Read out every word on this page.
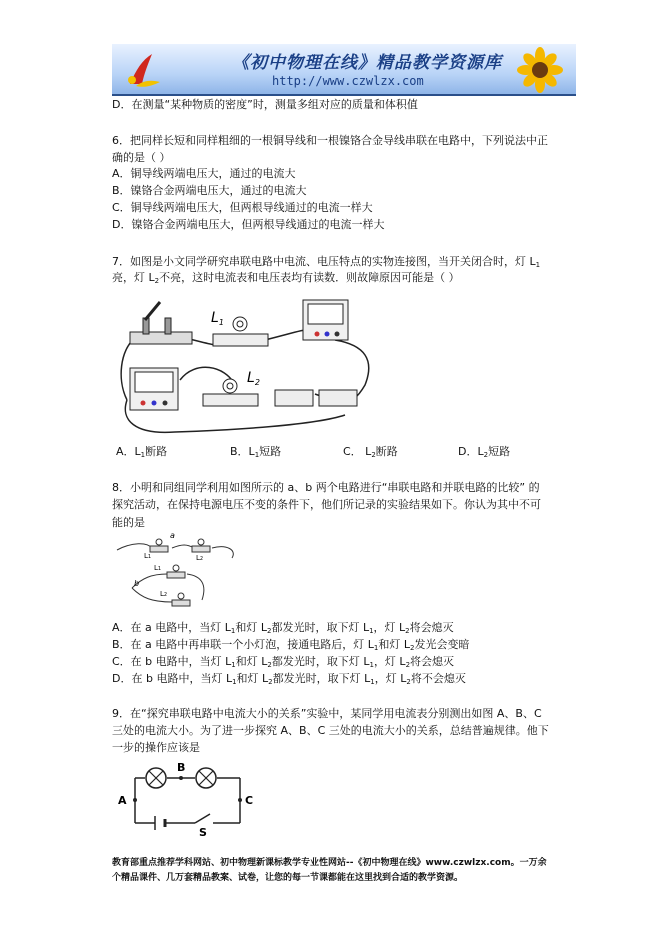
《初中物理在线》精品教学资源库
http://www.czwlzx.com
D．在测量“某种物质的密度”时，测量多组对应的质量和体积值
6．把同样长短和同样粗细的一根铜导线和一根镍铬合金导线串联在电路中，下列说法中正
确的是（ ）
A．铜导线两端电压大，通过的电流大
B．镍铬合金两端电压大，通过的电流大
C．铜导线两端电压大，但两根导线通过的电流一样大
D．镍铬合金两端电压大，但两根导线通过的电流一样大
7．如图是小文同学研究串联电路中电流、电压特点的实物连接图，当开关闭合时，灯 $L_1$
亮，灯 $L_2$不亮，这时电流表和电压表均有读数．则故障原因可能是（ ）
$L_1$
$L_2$
A．$L_1$断路	B．$L_1$短路	C． $L_2$断路	D．$L_2$短路
8．小明和同组同学利用如图所示的 a、b 两个电路进行“串联电路和并联电路的比较” 的
探究活动，在保持电源电压不变的条件下，他们所记录的实验结果如下。你认为其中不可
能的是
a
b
L1	L2
L1
L2
A．在 a 电路中，当灯 $L_1$和灯 $L_2$都发光时，取下灯 $L_1$，灯 $L_2$将会熄灭
B．在 a 电路中再串联一个小灯泡，接通电路后，灯 $L_1$和灯 $L_2$发光会变暗
C．在 b 电路中，当灯 $L_1$和灯 $L_2$都发光时，取下灯 $L_1$，灯 $L_2$将会熄灭
D．在 b 电路中，当灯 $L_1$和灯 $L_2$都发光时，取下灯 $L_1$，灯 $L_2$将不会熄灭
9．在“探究串联电路中电流大小的关系”实验中，某同学用电流表分别测出如图 A、B、C
三处的电流大小。为了进一步探究 A、B、C 三处的电流大小的关系，总结普遍规律。他下
一步的操作应该是
A
B
C
S
教育部重点推荐学科网站、初中物理新课标教学专业性网站--《初中物理在线》www.czwlzx.com。一万余
个精品课件、几万套精品教案、试卷，让您的每一节课都能在这里找到合适的教学资源。
